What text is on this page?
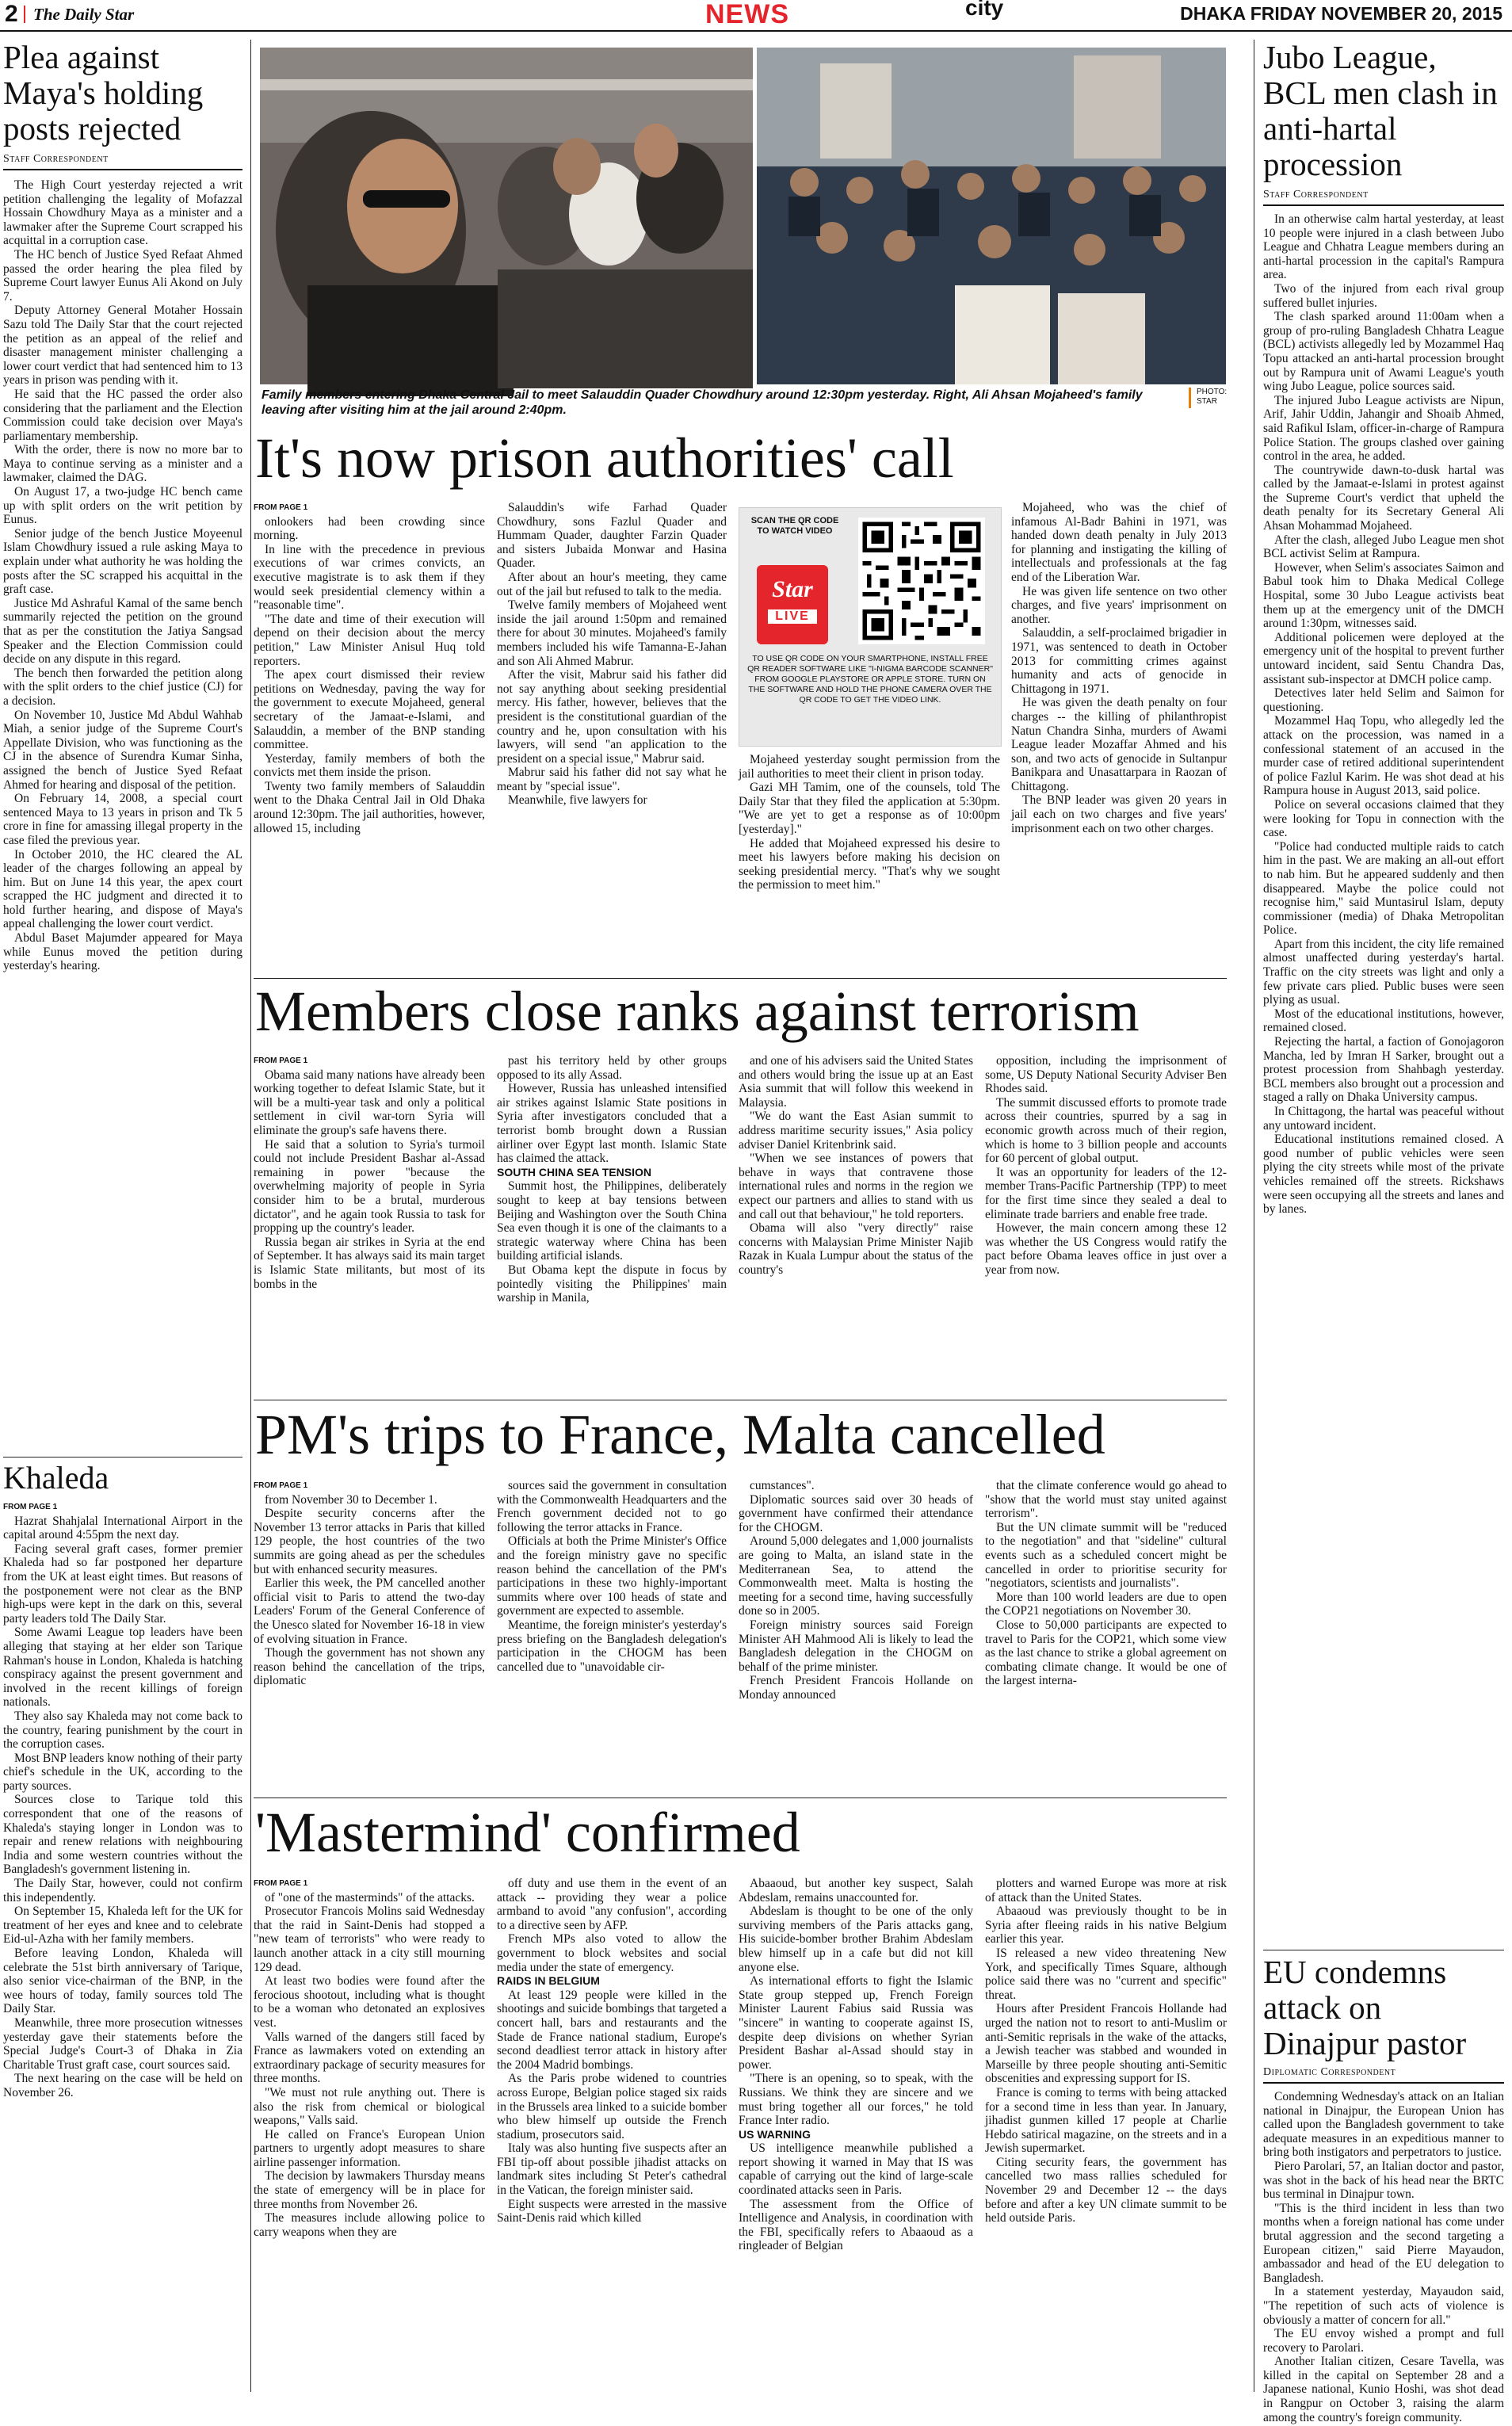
2 The Daily Star	NEWS	city	DHAKA FRIDAY NOVEMBER 20, 2015
Plea against Maya's holding posts rejected
Staff Correspondent

The High Court yesterday rejected a writ petition challenging the legality of Mofazzal Hossain Chowdhury Maya as a minister and a lawmaker after the Supreme Court scrapped his acquittal in a corruption case.

The HC bench of Justice Syed Refaat Ahmed passed the order hearing the plea filed by Supreme Court lawyer Eunus Ali Akond on July 7.

Deputy Attorney General Motaher Hossain Sazu told The Daily Star that the court rejected the petition as an appeal of the relief and disaster management minister challenging a lower court verdict that had sentenced him to 13 years in prison was pending with it.

He said that the HC passed the order also considering that the parliament and the Election Commission could take decision over Maya's parliamentary membership.

With the order, there is now no more bar to Maya to continue serving as a minister and a lawmaker, claimed the DAG.

On August 17, a two-judge HC bench came up with split orders on the writ petition by Eunus.

Senior judge of the bench Justice Moyeenul Islam Chowdhury issued a rule asking Maya to explain under what authority he was holding the posts after the SC scrapped his acquittal in the graft case.

Justice Md Ashraful Kamal of the same bench summarily rejected the petition on the ground that as per the constitution the Jatiya Sangsad Speaker and the Election Commission could decide on any dispute in this regard.

The bench then forwarded the petition along with the split orders to the chief justice (CJ) for a decision.

On November 10, Justice Md Abdul Wahhab Miah, a senior judge of the Supreme Court's Appellate Division, who was functioning as the CJ in the absence of Surendra Kumar Sinha, assigned the bench of Justice Syed Refaat Ahmed for hearing and disposal of the petition.

On February 14, 2008, a special court sentenced Maya to 13 years in prison and Tk 5 crore in fine for amassing illegal property in the case filed the previous year.

In October 2010, the HC cleared the AL leader of the charges following an appeal by him. But on June 14 this year, the apex court scrapped the HC judgment and directed it to hold further hearing, and dispose of Maya's appeal challenging the lower court verdict.

Abdul Baset Majumder appeared for Maya while Eunus moved the petition during yesterday's hearing.

Khaleda

FROM PAGE 1

Hazrat Shahjalal International Airport in the capital around 4:55pm the next day.

Facing several graft cases, former premier Khaleda had so far postponed her departure from the UK at least eight times. But reasons of the postponement were not clear as the BNP high-ups were kept in the dark on this, several party leaders told The Daily Star.

Some Awami League top leaders have been alleging that staying at her elder son Tarique Rahman's house in London, Khaleda is hatching conspiracy against the present government and involved in the recent killings of foreign nationals.

They also say Khaleda may not come back to the country, fearing punishment by the court in the corruption cases.

Most BNP leaders know nothing of their party chief's schedule in the UK, according to the party sources.

Sources close to Tarique told this correspondent that one of the reasons of Khaleda's staying longer in London was to repair and renew relations with neighbouring India and some western countries without the Bangladesh's government listening in.

The Daily Star, however, could not confirm this independently.

On September 15, Khaleda left for the UK for treatment of her eyes and knee and to celebrate Eid-ul-Azha with her family members.

Before leaving London, Khaleda will celebrate the 51st birth anniversary of Tarique, also senior vice-chairman of the BNP, in the wee hours of today, family sources told The Daily Star.

Meanwhile, three more prosecution witnesses yesterday gave their statements before the Special Judge's Court-3 of Dhaka in Zia Charitable Trust graft case, court sources said.

The next hearing on the case will be held on November 26.

Family members entering Dhaka Central Jail to meet Salauddin Quader Chowdhury around 12:30pm yesterday. Right, Ali Ahsan Mojaheed's family leaving after visiting him at the jail around 2:40pm.
PHOTO: STAR
It's now prison authorities' call

FROM PAGE 1

onlookers had been crowding since morning.

In line with the precedence in previous executions of war crimes convicts, an executive magistrate is to ask them if they would seek presidential clemency within a "reasonable time".

"The date and time of their execution will depend on their decision about the mercy petition," Law Minister Anisul Huq told reporters.

The apex court dismissed their review petitions on Wednesday, paving the way for the government to execute Mojaheed, general secretary of the Jamaat-e-Islami, and Salauddin, a member of the BNP standing committee.

Yesterday, family members of both the convicts met them inside the prison.

Twenty two family members of Salauddin went to the Dhaka Central Jail in Old Dhaka around 12:30pm. The jail authorities, however, allowed 15, including

Salauddin's wife Farhad Quader Chowdhury, sons Fazlul Quader and Hummam Quader, daughter Farzin Quader and sisters Jubaida Monwar and Hasina Quader.

After about an hour's meeting, they came out of the jail but refused to talk to the media.

Twelve family members of Mojaheed went inside the jail around 1:50pm and remained there for about 30 minutes. Mojaheed's family members included his wife Tamanna-E-Jahan and son Ali Ahmed Mabrur.

After the visit, Mabrur said his father did not say anything about seeking presidential mercy. His father, however, believes that the president is the constitutional guardian of the country and he, upon consultation with his lawyers, will send "an application to the president on a special issue," Mabrur said.

Mabrur said his father did not say what he meant by "special issue".

Meanwhile, five lawyers for

SCAN THE QR CODE TO WATCH VIDEO
Star
LIVE
TO USE QR CODE ON YOUR SMARTPHONE, INSTALL FREE QR READER SOFTWARE LIKE "I-NIGMA BARCODE SCANNER" FROM GOOGLE PLAYSTORE OR APPLE STORE. TURN ON THE SOFTWARE AND HOLD THE PHONE CAMERA OVER THE QR CODE TO GET THE VIDEO LINK.

Mojaheed yesterday sought permission from the jail authorities to meet their client in prison today.

Gazi MH Tamim, one of the counsels, told The Daily Star that they filed the application at 5:30pm. "We are yet to get a response as of 10:00pm [yesterday]."

He added that Mojaheed expressed his desire to meet his lawyers before making his decision on seeking presidential mercy. "That's why we sought the permission to meet him."

Mojaheed, who was the chief of infamous Al-Badr Bahini in 1971, was handed down death penalty in July 2013 for planning and instigating the killing of intellectuals and professionals at the fag end of the Liberation War.

He was given life sentence on two other charges, and five years' imprisonment on another.

Salauddin, a self-proclaimed brigadier in 1971, was sentenced to death in October 2013 for committing crimes against humanity and acts of genocide in Chittagong in 1971.

He was given the death penalty on four charges -- the killing of philanthropist Natun Chandra Sinha, murders of Awami League leader Mozaffar Ahmed and his son, and two acts of genocide in Sultanpur Banikpara and Unasattarpara in Raozan of Chittagong.

The BNP leader was given 20 years in jail each on two charges and five years' imprisonment each on two other charges.

Members close ranks against terrorism

FROM PAGE 1

Obama said many nations have already been working together to defeat Islamic State, but it will be a multi-year task and only a political settlement in civil war-torn Syria will eliminate the group's safe havens there.

He said that a solution to Syria's turmoil could not include President Bashar al-Assad remaining in power "because the overwhelming majority of people in Syria consider him to be a brutal, murderous dictator", and he again took Russia to task for propping up the country's leader.

Russia began air strikes in Syria at the end of September. It has always said its main target is Islamic State militants, but most of its bombs in the

past his territory held by other groups opposed to its ally Assad.

However, Russia has unleashed intensified air strikes against Islamic State positions in Syria after investigators concluded that a terrorist bomb brought down a Russian airliner over Egypt last month. Islamic State has claimed the attack.

SOUTH CHINA SEA TENSION

Summit host, the Philippines, deliberately sought to keep at bay tensions between Beijing and Washington over the South China Sea even though it is one of the claimants to a strategic waterway where China has been building artificial islands.

But Obama kept the dispute in focus by pointedly visiting the Philippines' main warship in Manila,

and one of his advisers said the United States and others would bring the issue up at an East Asia summit that will follow this weekend in Malaysia.

"We do want the East Asian summit to address maritime security issues," Asia policy adviser Daniel Kritenbrink said.

"When we see instances of powers that behave in ways that contravene those international rules and norms in the region we expect our partners and allies to stand with us and call out that behaviour," he told reporters.

Obama will also "very directly" raise concerns with Malaysian Prime Minister Najib Razak in Kuala Lumpur about the status of the country's

opposition, including the imprisonment of some, US Deputy National Security Adviser Ben Rhodes said.

The summit discussed efforts to promote trade across their countries, spurred by a sag in economic growth across much of their region, which is home to 3 billion people and accounts for 60 percent of global output.

It was an opportunity for leaders of the 12-member Trans-Pacific Partnership (TPP) to meet for the first time since they sealed a deal to eliminate trade barriers and enable free trade.

However, the main concern among these 12 was whether the US Congress would ratify the pact before Obama leaves office in just over a year from now.

PM's trips to France, Malta cancelled

FROM PAGE 1

from November 30 to December 1.

Despite security concerns after the November 13 terror attacks in Paris that killed 129 people, the host countries of the two summits are going ahead as per the schedules but with enhanced security measures.

Earlier this week, the PM cancelled another official visit to Paris to attend the two-day Leaders' Forum of the General Conference of the Unesco slated for November 16-18 in view of evolving situation in France.

Though the government has not shown any reason behind the cancellation of the trips, diplomatic

sources said the government in consultation with the Commonwealth Headquarters and the French government decided not to go following the terror attacks in France.

Officials at both the Prime Minister's Office and the foreign ministry gave no specific reason behind the cancellation of the PM's participations in these two highly-important summits where over 100 heads of state and government are expected to assemble.

Meantime, the foreign minister's yesterday's press briefing on the Bangladesh delegation's participation in the CHOGM has been cancelled due to "unavoidable cir-

cumstances".

Diplomatic sources said over 30 heads of government have confirmed their attendance for the CHOGM.

Around 5,000 delegates and 1,000 journalists are going to Malta, an island state in the Mediterranean Sea, to attend the Commonwealth meet. Malta is hosting the meeting for a second time, having successfully done so in 2005.

Foreign ministry sources said Foreign Minister AH Mahmood Ali is likely to lead the Bangladesh delegation in the CHOGM on behalf of the prime minister.

French President Francois Hollande on Monday announced

that the climate conference would go ahead to "show that the world must stay united against terrorism".

But the UN climate summit will be "reduced to the negotiation" and that "sideline" cultural events such as a scheduled concert might be cancelled in order to prioritise security for "negotiators, scientists and journalists".

More than 100 world leaders are due to open the COP21 negotiations on November 30.

Close to 50,000 participants are expected to travel to Paris for the COP21, which some view as the last chance to strike a global agreement on combating climate change. It would be one of the largest interna-

'Mastermind' confirmed

FROM PAGE 1

of "one of the masterminds" of the attacks.

Prosecutor Francois Molins said Wednesday that the raid in Saint-Denis had stopped a "new team of terrorists" who were ready to launch another attack in a city still mourning 129 dead.

At least two bodies were found after the ferocious shootout, including what is thought to be a woman who detonated an explosives vest.

Valls warned of the dangers still faced by France as lawmakers voted on extending an extraordinary package of security measures for three months.

"We must not rule anything out. There is also the risk from chemical or biological weapons," Valls said.

He called on France's European Union partners to urgently adopt measures to share airline passenger information.

The decision by lawmakers Thursday means the state of emergency will be in place for three months from November 26.

The measures include allowing police to carry weapons when they are

off duty and use them in the event of an attack -- providing they wear a police armband to avoid "any confusion", according to a directive seen by AFP.

French MPs also voted to allow the government to block websites and social media under the state of emergency.

RAIDS IN BELGIUM

At least 129 people were killed in the shootings and suicide bombings that targeted a concert hall, bars and restaurants and the Stade de France national stadium, Europe's second deadliest terror attack in history after the 2004 Madrid bombings.

As the Paris probe widened to countries across Europe, Belgian police staged six raids in the Brussels area linked to a suicide bomber who blew himself up outside the French stadium, prosecutors said.

Italy was also hunting five suspects after an FBI tip-off about possible jihadist attacks on landmark sites including St Peter's cathedral in the Vatican, the foreign minister said.

Eight suspects were arrested in the massive Saint-Denis raid which killed

Abaaoud, but another key suspect, Salah Abdeslam, remains unaccounted for.

Abdeslam is thought to be one of the only surviving members of the Paris attacks gang, His suicide-bomber brother Brahim Abdeslam blew himself up in a cafe but did not kill anyone else.

As international efforts to fight the Islamic State group stepped up, French Foreign Minister Laurent Fabius said Russia was "sincere" in wanting to cooperate against IS, despite deep divisions on whether Syrian President Bashar al-Assad should stay in power.

"There is an opening, so to speak, with the Russians. We think they are sincere and we must bring together all our forces," he told France Inter radio.

US WARNING

US intelligence meanwhile published a report showing it warned in May that IS was capable of carrying out the kind of large-scale coordinated attacks seen in Paris.

The assessment from the Office of Intelligence and Analysis, in coordination with the FBI, specifically refers to Abaaoud as a ringleader of Belgian

plotters and warned Europe was more at risk of attack than the United States.

Abaaoud was previously thought to be in Syria after fleeing raids in his native Belgium earlier this year.

IS released a new video threatening New York, and specifically Times Square, although police said there was no "current and specific" threat.

Hours after President Francois Hollande had urged the nation not to resort to anti-Muslim or anti-Semitic reprisals in the wake of the attacks, a Jewish teacher was stabbed and wounded in Marseille by three people shouting anti-Semitic obscenities and expressing support for IS.

France is coming to terms with being attacked for a second time in less than year. In January, jihadist gunmen killed 17 people at Charlie Hebdo satirical magazine, on the streets and in a Jewish supermarket.

Citing security fears, the government has cancelled two mass rallies scheduled for November 29 and December 12 -- the days before and after a key UN climate summit to be held outside Paris.

Jubo League, BCL men clash in anti-hartal procession
Staff Correspondent

In an otherwise calm hartal yesterday, at least 10 people were injured in a clash between Jubo League and Chhatra League members during an anti-hartal procession in the capital's Rampura area.

Two of the injured from each rival group suffered bullet injuries.

The clash sparked around 11:00am when a group of pro-ruling Bangladesh Chhatra League (BCL) activists allegedly led by Mozammel Haq Topu attacked an anti-hartal procession brought out by Rampura unit of Awami League's youth wing Jubo League, police sources said.

The injured Jubo League activists are Nipun, Arif, Jahir Uddin, Jahangir and Shoaib Ahmed, said Rafikul Islam, officer-in-charge of Rampura Police Station. The groups clashed over gaining control in the area, he added.

The countrywide dawn-to-dusk hartal was called by the Jamaat-e-Islami in protest against the Supreme Court's verdict that upheld the death penalty for its Secretary General Ali Ahsan Mohammad Mojaheed.

After the clash, alleged Jubo League men shot BCL activist Selim at Rampura.

However, when Selim's associates Saimon and Babul took him to Dhaka Medical College Hospital, some 30 Jubo League activists beat them up at the emergency unit of the DMCH around 1:30pm, witnesses said.

Additional policemen were deployed at the emergency unit of the hospital to prevent further untoward incident, said Sentu Chandra Das, assistant sub-inspector at DMCH police camp.

Detectives later held Selim and Saimon for questioning.

Mozammel Haq Topu, who allegedly led the attack on the procession, was named in a confessional statement of an accused in the murder case of retired additional superintendent of police Fazlul Karim. He was shot dead at his Rampura house in August 2013, said police.

Police on several occasions claimed that they were looking for Topu in connection with the case.

"Police had conducted multiple raids to catch him in the past. We are making an all-out effort to nab him. But he appeared suddenly and then disappeared. Maybe the police could not recognise him," said Muntasirul Islam, deputy commissioner (media) of Dhaka Metropolitan Police.

Apart from this incident, the city life remained almost unaffected during yesterday's hartal. Traffic on the city streets was light and only a few private cars plied. Public buses were seen plying as usual.

Most of the educational institutions, however, remained closed.

Rejecting the hartal, a faction of Gonojagoron Mancha, led by Imran H Sarker, brought out a protest procession from Shahbagh yesterday. BCL members also brought out a procession and staged a rally on Dhaka University campus.

In Chittagong, the hartal was peaceful without any untoward incident.

Educational institutions remained closed. A good number of public vehicles were seen plying the city streets while most of the private vehicles remained off the streets. Rickshaws were seen occupying all the streets and lanes and by lanes.

EU condemns attack on Dinajpur pastor
Diplomatic Correspondent

Condemning Wednesday's attack on an Italian national in Dinajpur, the European Union has called upon the Bangladesh government to take adequate measures in an expeditious manner to bring both instigators and perpetrators to justice.

Piero Parolari, 57, an Italian doctor and pastor, was shot in the back of his head near the BRTC bus terminal in Dinajpur town.

"This is the third incident in less than two months when a foreign national has come under brutal aggression and the second targeting a European citizen," said Pierre Mayaudon, ambassador and head of the EU delegation to Bangladesh.

In a statement yesterday, Mayaudon said, "The repetition of such acts of violence is obviously a matter of concern for all."

The EU envoy wished a prompt and full recovery to Parolari.

Another Italian citizen, Cesare Tavella, was killed in the capital on September 28 and a Japanese national, Kunio Hoshi, was shot dead in Rangpur on October 3, raising the alarm among the country's foreign community.
